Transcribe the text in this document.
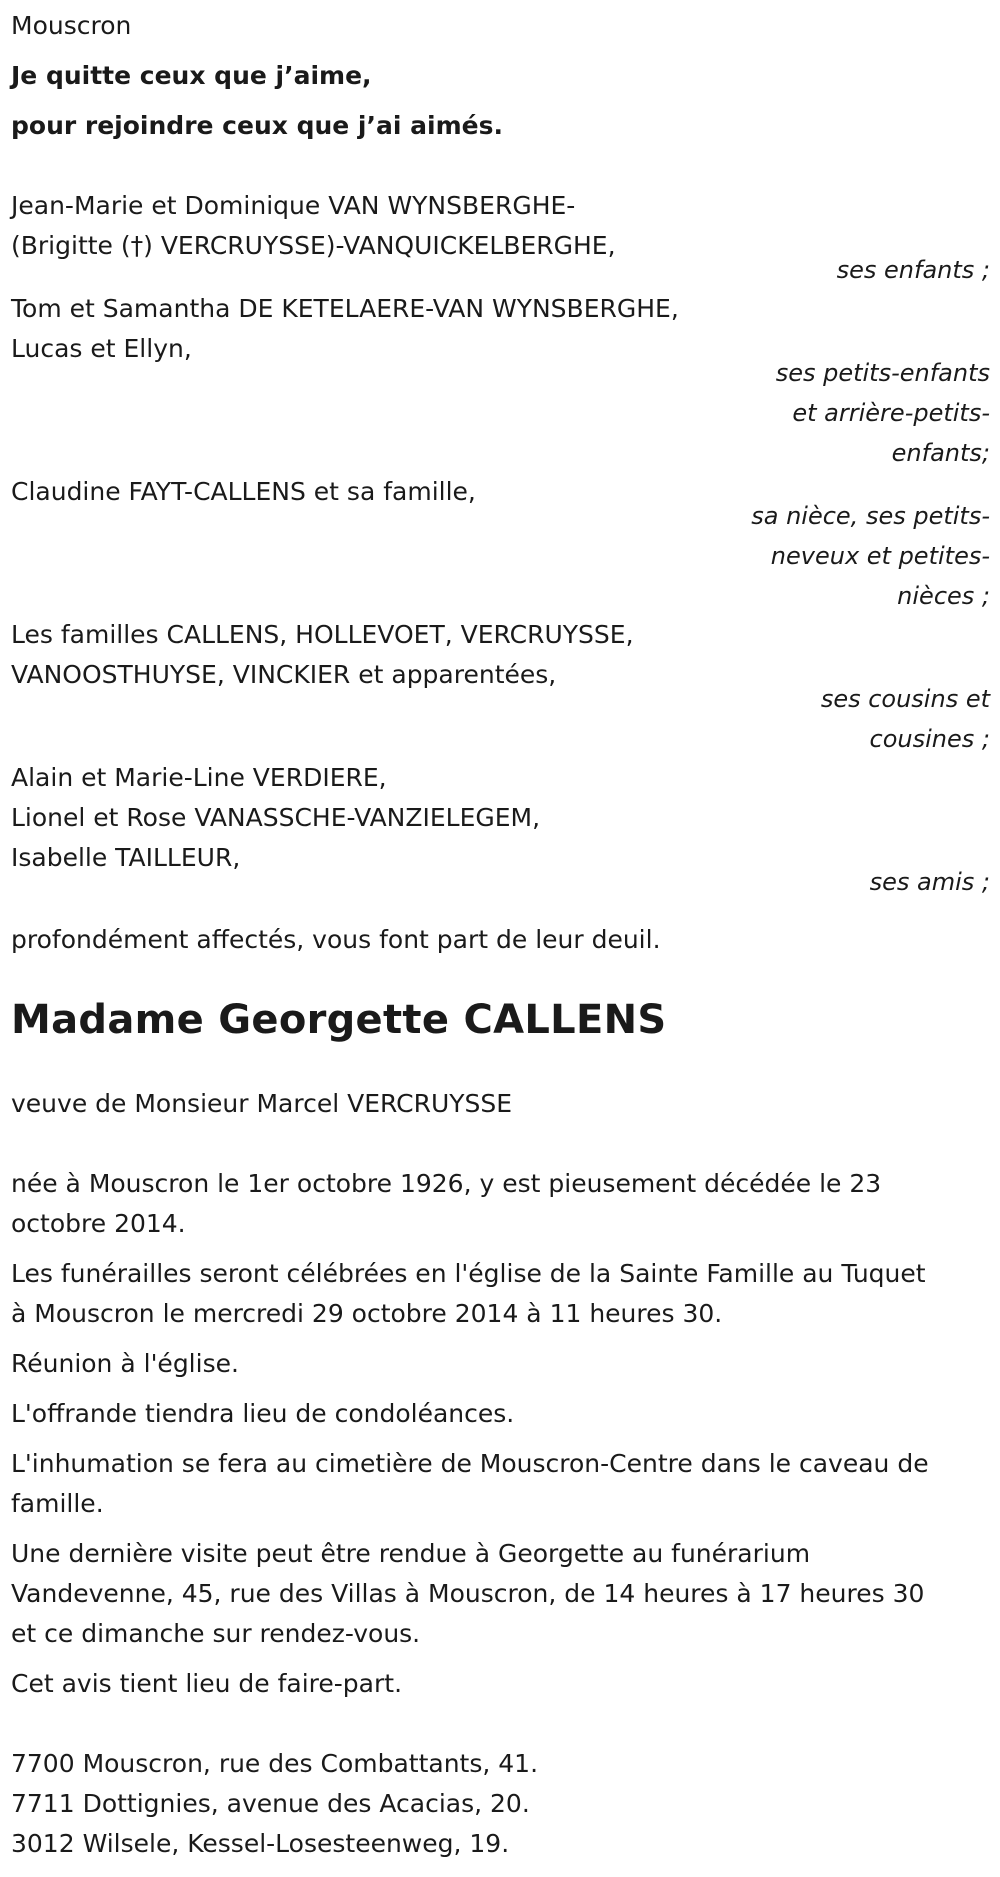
Mouscron
Je quitte ceux que j’aime,
pour rejoindre ceux que j’ai aimés.
Jean-Marie et Dominique VAN WYNSBERGHE-
(Brigitte (†) VERCRUYSSE)-VANQUICKELBERGHE,
ses enfants ;
Tom et Samantha DE KETELAERE-VAN WYNSBERGHE,
Lucas et Ellyn,
ses petits-enfants
et arrière-petits-
enfants;
Claudine FAYT-CALLENS et sa famille,
sa nièce, ses petits-
neveux et petites-
nièces ;
Les familles CALLENS, HOLLEVOET, VERCRUYSSE,
VANOOSTHUYSE, VINCKIER et apparentées,
ses cousins et
cousines ;
Alain et Marie-Line VERDIERE,
Lionel et Rose VANASSCHE-VANZIELEGEM,
Isabelle TAILLEUR,
ses amis ;
profondément affectés, vous font part de leur deuil.
Madame Georgette CALLENS
veuve de Monsieur Marcel VERCRUYSSE
née à Mouscron le 1er octobre 1926, y est pieusement décédée le 23
octobre 2014.
Les funérailles seront célébrées en l'église de la Sainte Famille au Tuquet
à Mouscron le mercredi 29 octobre 2014 à 11 heures 30.
Réunion à l'église.
L'offrande tiendra lieu de condoléances.
L'inhumation se fera au cimetière de Mouscron-Centre dans le caveau de
famille.
Une dernière visite peut être rendue à Georgette au funérarium
Vandevenne, 45, rue des Villas à Mouscron, de 14 heures à 17 heures 30
et ce dimanche sur rendez-vous.
Cet avis tient lieu de faire-part.
7700 Mouscron, rue des Combattants, 41.
7711 Dottignies, avenue des Acacias, 20.
3012 Wilsele, Kessel-Losesteenweg, 19.
